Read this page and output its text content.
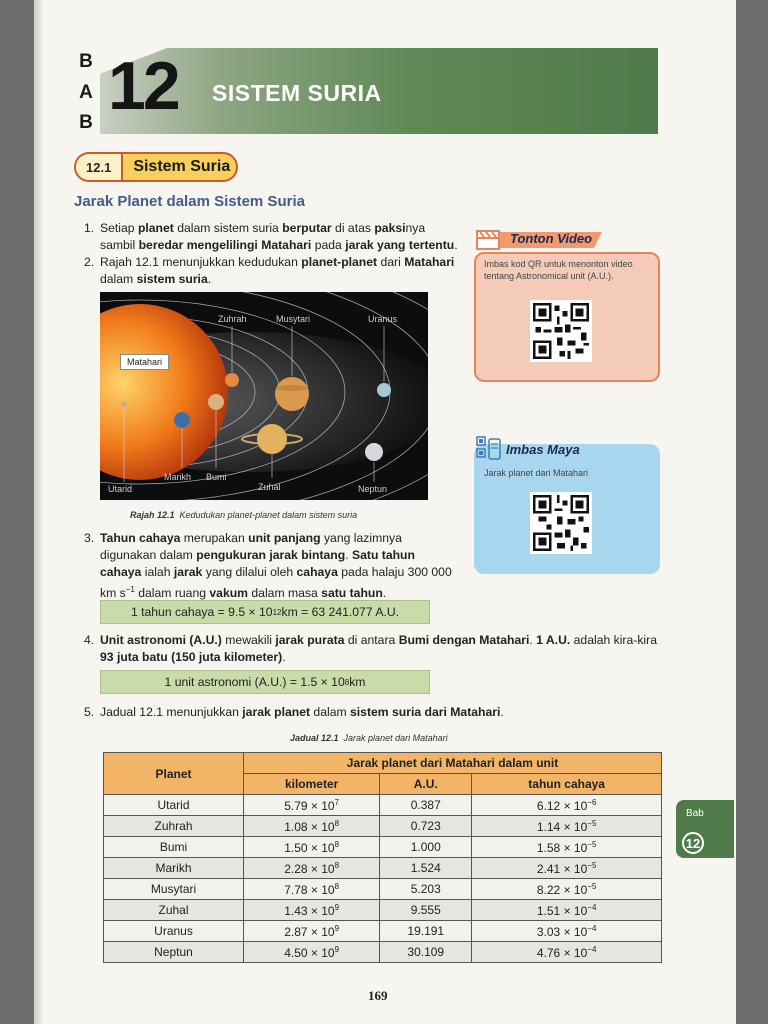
B
A
B 12 SISTEM SURIA
12.1	Sistem Suria
Jarak Planet dalam Sistem Suria
1. Setiap planet dalam sistem suria berputar di atas paksinya sambil beredar mengelilingi Matahari pada jarak yang tertentu.
2. Rajah 12.1 menunjukkan kedudukan planet-planet dari Matahari dalam sistem suria.
Matahari
Zuhrah	Musytari	Uranus
Utarid
Marikh Bumi
Zuhal	Neptun
Rajah 12.1 Kedudukan planet-planet dalam sistem suria
3. Tahun cahaya merupakan unit panjang yang lazimnya digunakan dalam pengukuran jarak bintang. Satu tahun cahaya ialah jarak yang dilalui oleh cahaya pada halaju 300 000 km $s^{-1}$ dalam ruang vakum dalam masa satu tahun.
1 tahun cahaya = 9.5 × 10 12 km = 63 241.077 A.U.
4. Unit astronomi (A.U.) mewakili jarak purata di antara Bumi dengan Matahari. 1 A.U. adalah kira-kira 93 juta batu (150 juta kilometer).
1 unit astronomi (A.U.) = 1.5 × 10 8 km
5. Jadual 12.1 menunjukkan jarak planet dalam sistem suria dari Matahari.
Tonton Video
Imbas kod QR untuk menonton video tentang Astronomical unit (A.U.).
Imbas Maya
Jarak planet dari Matahari
Jadual 12.1 Jarak planet dari Matahari
Planet	Jarak planet dari Matahari dalam unit		
	kilometer	A.U.	tahun cahaya
Utarid	$5.79 \times 10^7$	0.387	$6.12 \times 10^{-6}$
Zuhrah	$1.08 \times 10^8$	0.723	$1.14 \times 10^{-5}$
Bumi	$1.50 \times 10^8$	1.000	$1.58 \times 10^{-5}$
Marikh	$2.28 \times 10^8$	1.524	$2.41 \times 10^{-5}$
Musytari	$7.78 \times 10^8$	5.203	$8.22 \times 10^{-5}$
Zuhal	$1.43 \times 10^9$	9.555	$1.51 \times 10^{-4}$
Uranus	$2.87 \times 10^9$	19.191	$3.03 \times 10^{-4}$
Neptun	$4.50 \times 10^9$	30.109	$4.76 \times 10^{-4}$
Bab
12
169
